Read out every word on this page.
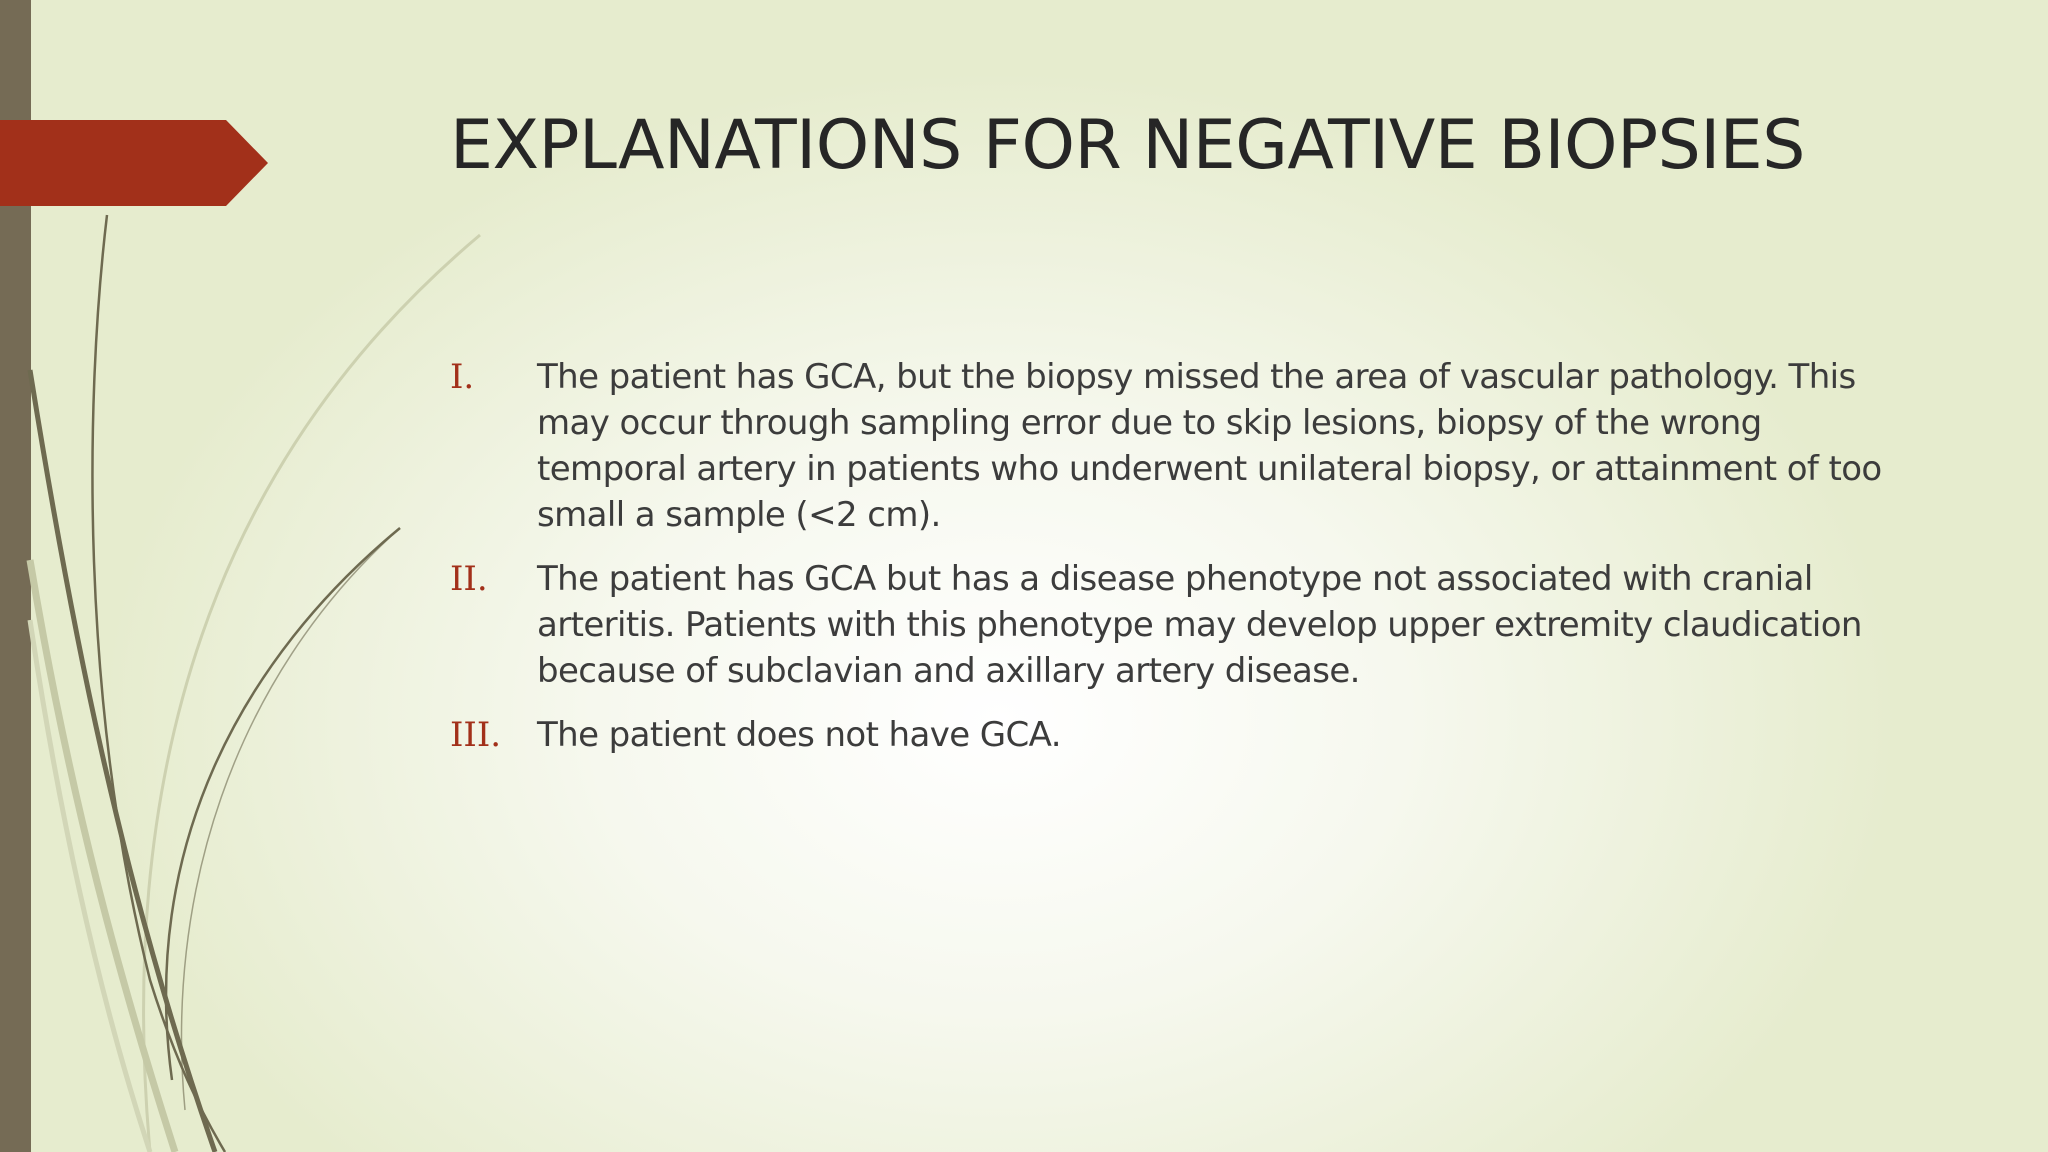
EXPLANATIONS FOR NEGATIVE BIOPSIES
I.	The patient has GCA, but the biopsy missed the area of vascular pathology. This may occur through sampling error due to skip lesions, biopsy of the wrong temporal artery in patients who underwent unilateral biopsy, or attainment of too small a sample (<2 cm).
II.	The patient has GCA but has a disease phenotype not associated with cranial arteritis. Patients with this phenotype may develop upper extremity claudication because of subclavian and axillary artery disease.
III.	The patient does not have GCA.
